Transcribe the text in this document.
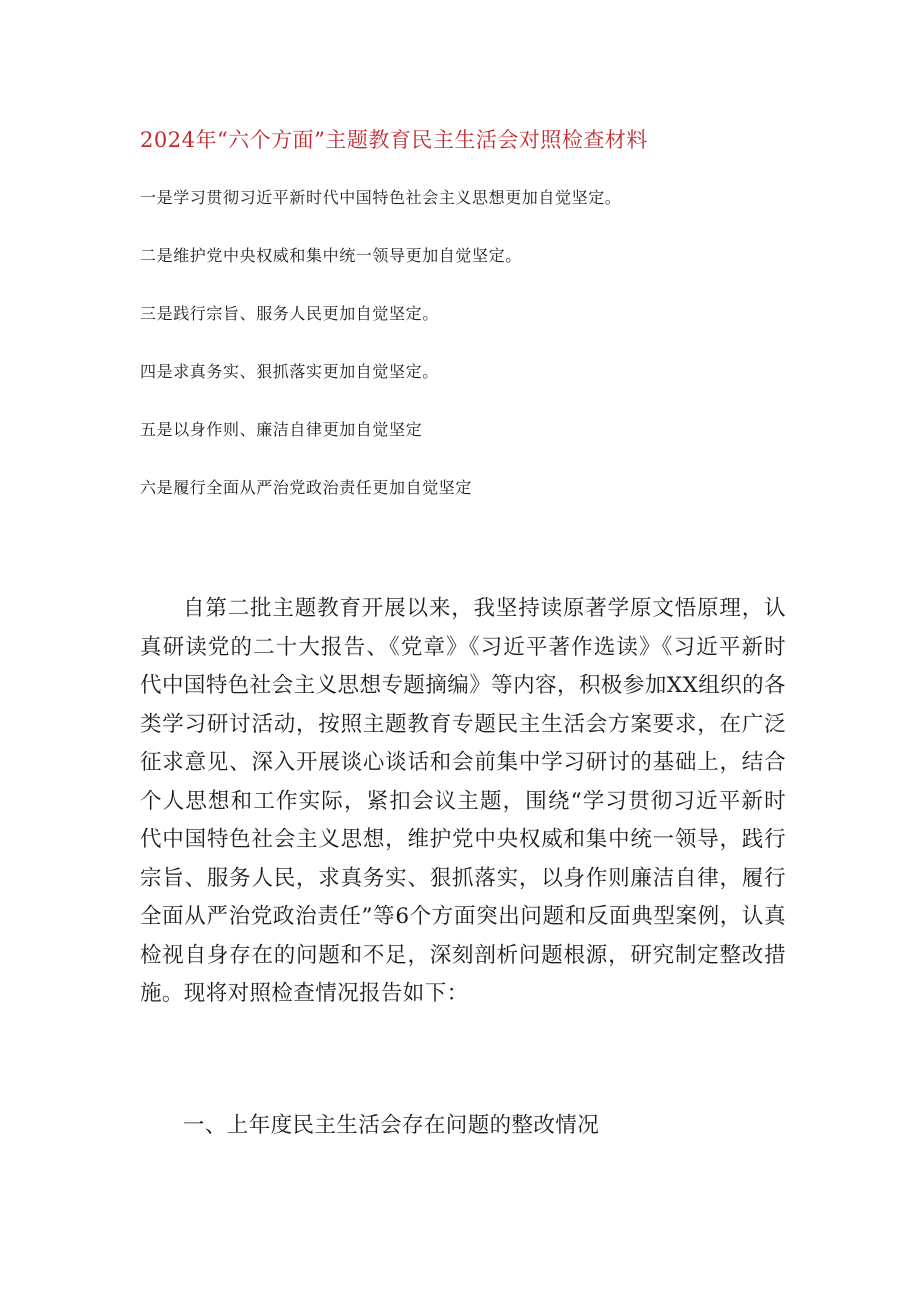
2024年“六个方面”主题教育民主生活会对照检查材料
一是学习贯彻习近平新时代中国特色社会主义思想更加自觉坚定。
二是维护党中央权威和集中统一领导更加自觉坚定。
三是践行宗旨、服务人民更加自觉坚定。
四是求真务实、狠抓落实更加自觉坚定。
五是以身作则、廉洁自律更加自觉坚定
六是履行全面从严治党政治责任更加自觉坚定

自第二批主题教育开展以来，我坚持读原著学原文悟原理，认真研读党的二十大报告、《党章》《习近平著作选读》《习近平新时代中国特色社会主义思想专题摘编》等内容，积极参加XX组织的各类学习研讨活动，按照主题教育专题民主生活会方案要求，在广泛征求意见、深入开展谈心谈话和会前集中学习研讨的基础上，结合个人思想和工作实际，紧扣会议主题，围绕“学习贯彻习近平新时代中国特色社会主义思想，维护党中央权威和集中统一领导，践行宗旨、服务人民，求真务实、狠抓落实，以身作则廉洁自律，履行全面从严治党政治责任”等6个方面突出问题和反面典型案例，认真检视自身存在的问题和不足，深刻剖析问题根源，研究制定整改措施。现将对照检查情况报告如下：

一、上年度民主生活会存在问题的整改情况
